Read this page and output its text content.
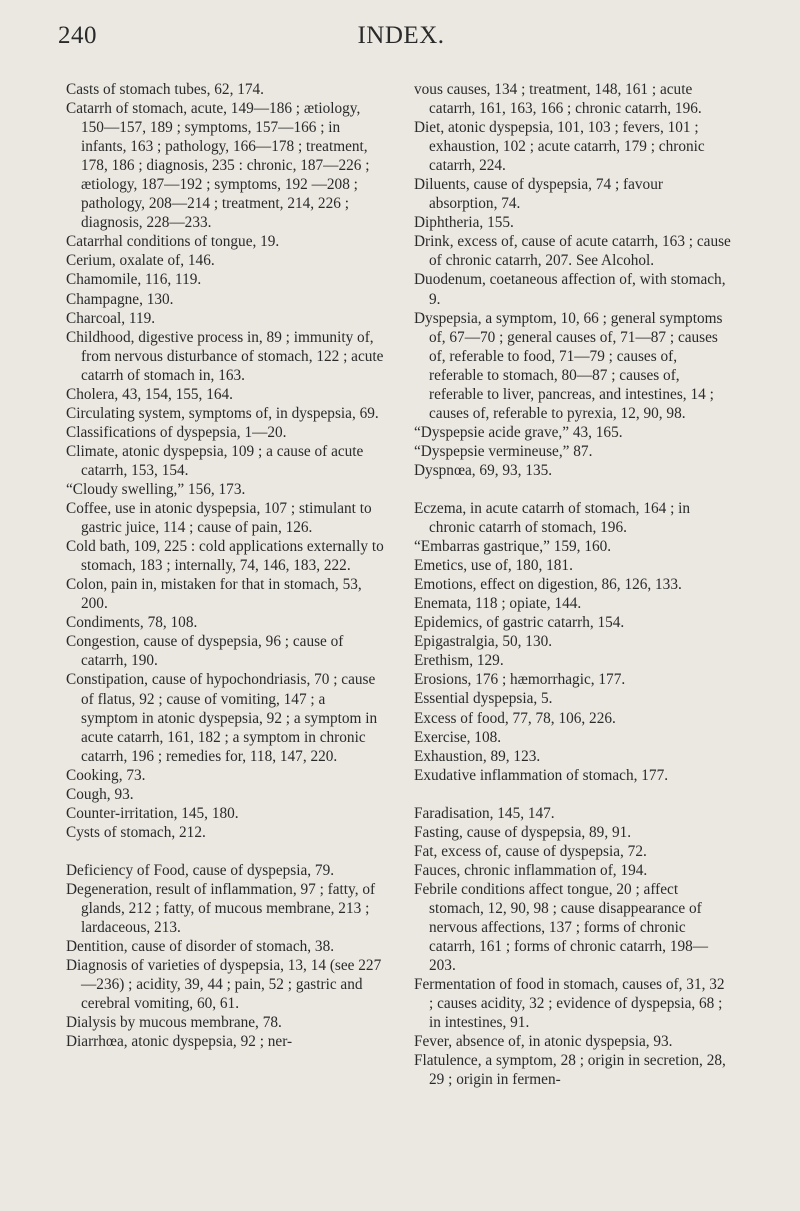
240	INDEX.
Casts of stomach tubes, 62, 174.
Catarrh of stomach, acute, 149—186 ; ætiology, 150—157, 189 ; symptoms, 157—166 ; in infants, 163 ; pathology, 166—178 ; treatment, 178, 186 ; diagnosis, 235 : chronic, 187—226 ; ætiology, 187—192 ; symptoms, 192 —208 ; pathology, 208—214 ; treatment, 214, 226 ; diagnosis, 228—233.
Catarrhal conditions of tongue, 19.
Cerium, oxalate of, 146.
Chamomile, 116, 119.
Champagne, 130.
Charcoal, 119.
Childhood, digestive process in, 89 ; immunity of, from nervous disturbance of stomach, 122 ; acute catarrh of stomach in, 163.
Cholera, 43, 154, 155, 164.
Circulating system, symptoms of, in dyspepsia, 69.
Classifications of dyspepsia, 1—20.
Climate, atonic dyspepsia, 109 ; a cause of acute catarrh, 153, 154.
“Cloudy swelling,” 156, 173.
Coffee, use in atonic dyspepsia, 107 ; stimulant to gastric juice, 114 ; cause of pain, 126.
Cold bath, 109, 225 : cold applications externally to stomach, 183 ; internally, 74, 146, 183, 222.
Colon, pain in, mistaken for that in stomach, 53, 200.
Condiments, 78, 108.
Congestion, cause of dyspepsia, 96 ; cause of catarrh, 190.
Constipation, cause of hypochondriasis, 70 ; cause of flatus, 92 ; cause of vomiting, 147 ; a symptom in atonic dyspepsia, 92 ; a symptom in acute catarrh, 161, 182 ; a symptom in chronic catarrh, 196 ; remedies for, 118, 147, 220.
Cooking, 73.
Cough, 93.
Counter-irritation, 145, 180.
Cysts of stomach, 212.
Deficiency of Food, cause of dyspepsia, 79.
Degeneration, result of inflammation, 97 ; fatty, of glands, 212 ; fatty, of mucous membrane, 213 ; lardaceous, 213.
Dentition, cause of disorder of stomach, 38.
Diagnosis of varieties of dyspepsia, 13, 14 (see 227—236) ; acidity, 39, 44 ; pain, 52 ; gastric and cerebral vomiting, 60, 61.
Dialysis by mucous membrane, 78.
Diarrhœa, atonic dyspepsia, 92 ; ner-
vous causes, 134 ; treatment, 148, 161 ; acute catarrh, 161, 163, 166 ; chronic catarrh, 196.
Diet, atonic dyspepsia, 101, 103 ; fevers, 101 ; exhaustion, 102 ; acute catarrh, 179 ; chronic catarrh, 224.
Diluents, cause of dyspepsia, 74 ; favour absorption, 74.
Diphtheria, 155.
Drink, excess of, cause of acute catarrh, 163 ; cause of chronic catarrh, 207. See Alcohol.
Duodenum, coetaneous affection of, with stomach, 9.
Dyspepsia, a symptom, 10, 66 ; general symptoms of, 67—70 ; general causes of, 71—87 ; causes of, referable to food, 71—79 ; causes of, referable to stomach, 80—87 ; causes of, referable to liver, pancreas, and intestines, 14 ; causes of, referable to pyrexia, 12, 90, 98.
“Dyspepsie acide grave,” 43, 165.
“Dyspepsie vermineuse,” 87.
Dyspnœa, 69, 93, 135.
Eczema, in acute catarrh of stomach, 164 ; in chronic catarrh of stomach, 196.
“Embarras gastrique,” 159, 160.
Emetics, use of, 180, 181.
Emotions, effect on digestion, 86, 126, 133.
Enemata, 118 ; opiate, 144.
Epidemics, of gastric catarrh, 154.
Epigastralgia, 50, 130.
Erethism, 129.
Erosions, 176 ; hæmorrhagic, 177.
Essential dyspepsia, 5.
Excess of food, 77, 78, 106, 226.
Exercise, 108.
Exhaustion, 89, 123.
Exudative inflammation of stomach, 177.
Faradisation, 145, 147.
Fasting, cause of dyspepsia, 89, 91.
Fat, excess of, cause of dyspepsia, 72.
Fauces, chronic inflammation of, 194.
Febrile conditions affect tongue, 20 ; affect stomach, 12, 90, 98 ; cause disappearance of nervous affections, 137 ; forms of chronic catarrh, 161 ; forms of chronic catarrh, 198—203.
Fermentation of food in stomach, causes of, 31, 32 ; causes acidity, 32 ; evidence of dyspepsia, 68 ; in intestines, 91.
Fever, absence of, in atonic dyspepsia, 93.
Flatulence, a symptom, 28 ; origin in secretion, 28, 29 ; origin in fermen-
